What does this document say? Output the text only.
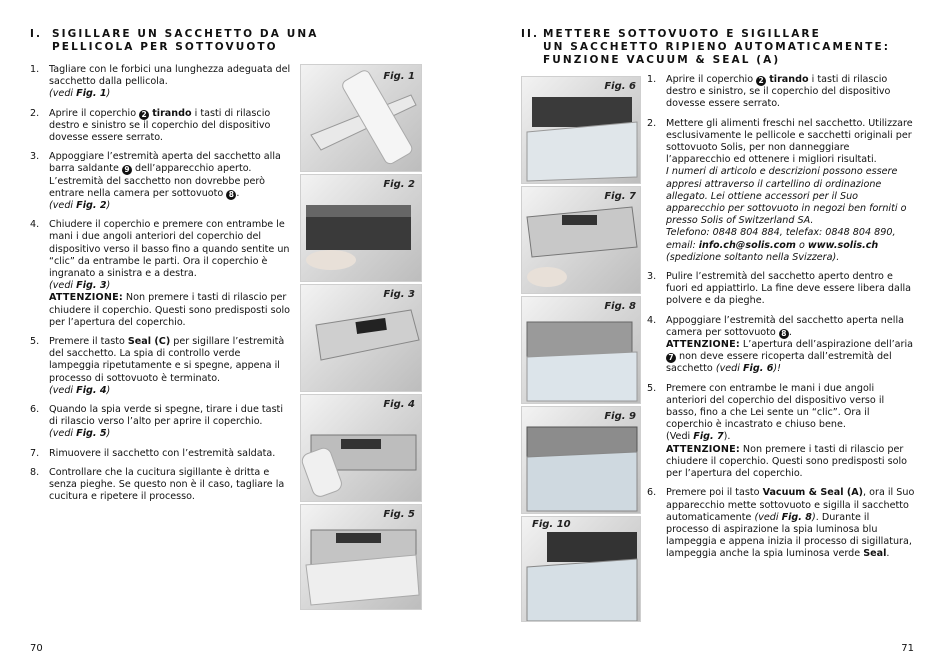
I. SIGILLARE UN SACCHETTO DA UNA
PELLICOLA PER SOTTOVUOTO
1. Tagliare con le forbici una lunghezza adeguata del sacchetto dalla pellicola.
(vedi Fig. 1)

2. Aprire il coperchio 2 tirando i tasti di rilascio destro e sinistro se il coperchio del dispositivo dovesse essere serrato.

3. Appoggiare l’estremità aperta del sacchetto alla barra saldante 9 dell’apparecchio aperto. L’estremità del sacchetto non dovrebbe però entrare nella camera per sottovuoto 8 .
(vedi Fig. 2)

4. Chiudere il coperchio e premere con entrambe le mani i due angoli anteriori del coperchio del dispositivo verso il basso fino a quando sentite un “clic” da entrambe le parti. Ora il coperchio è ingranato a sinistra e a destra.
(vedi Fig. 3)

ATTENZIONE: Non premere i tasti di rilascio per chiudere il coperchio. Questi sono predisposti solo per l’apertura del coperchio.

5. Premere il tasto Seal (C) per sigillare l’estremità del sacchetto. La spia di controllo verde lampeggia ripetutamente e si spegne, appena il processo di sottovuoto è terminato.
(vedi Fig. 4)

6. Quando la spia verde si spegne, tirare i due tasti di rilascio verso l’alto per aprire il coperchio.
(vedi Fig. 5)

7. Rimuovere il sacchetto con l’estremità saldata.

8. Controllare che la cucitura sigillante è dritta e senza pieghe. Se questo non è il caso, tagliare la cucitura e ripetere il processo.

Fig. 1
Fig. 2
Fig. 3
Fig. 4
Fig. 5
70
II. METTERE SOTTOVUOTO E SIGILLARE
UN SACCHETTO RIPIENO AUTOMATICAMENTE:
FUNZIONE VACUUM & SEAL (A)
Fig. 6
Fig. 7
Fig. 8
Fig. 9
Fig. 10
1. Aprire il coperchio 2 tirando i tasti di rilascio destro e sinistro, se il coperchio del dispositivo dovesse essere serrato.

2. Mettere gli alimenti freschi nel sacchetto. Utilizzare esclusivamente le pellicole e sacchetti originali per sottovuoto Solis, per non danneggiare l’apparecchio ed ottenere i migliori risultati.

I numeri di articolo e descrizioni possono essere appresi attraverso il cartellino di ordinazione allegato. Lei ottiene accessori per il Suo apparecchio per sottovuoto in negozi ben forniti o presso Solis of Switzerland SA.

Telefono: 0848 804 884, telefax: 0848 804 890, email: info.ch@solis.com o www.solis.ch

(spedizione soltanto nella Svizzera).

3. Pulire l’estremità del sacchetto aperto dentro e fuori ed appiattirlo. La fine deve essere libera dalla polvere e da pieghe.

4. Appoggiare l’estremità del sacchetto aperta nella camera per sottovuoto 8 .

ATTENZIONE: L’apertura dell’aspirazione dell’aria 7 non deve essere ricoperta dall’estremità del sacchetto (vedi Fig. 6)!

5. Premere con entrambe le mani i due angoli anteriori del coperchio del dispositivo verso il basso, fino a che Lei sente un “clic”. Ora il coperchio è incastrato e chiuso bene.
(Vedi Fig. 7).

ATTENZIONE: Non premere i tasti di rilascio per chiudere il coperchio. Questi sono predisposti solo per l’apertura del coperchio.

6. Premere poi il tasto Vacuum & Seal (A), ora il Suo apparecchio mette sottovuoto e sigilla il sacchetto automaticamente (vedi Fig. 8). Durante il processo di aspirazione la spia luminosa blu lampeggia e appena inizia il processo di sigillatura, lampeggia anche la spia luminosa verde Seal.

71
